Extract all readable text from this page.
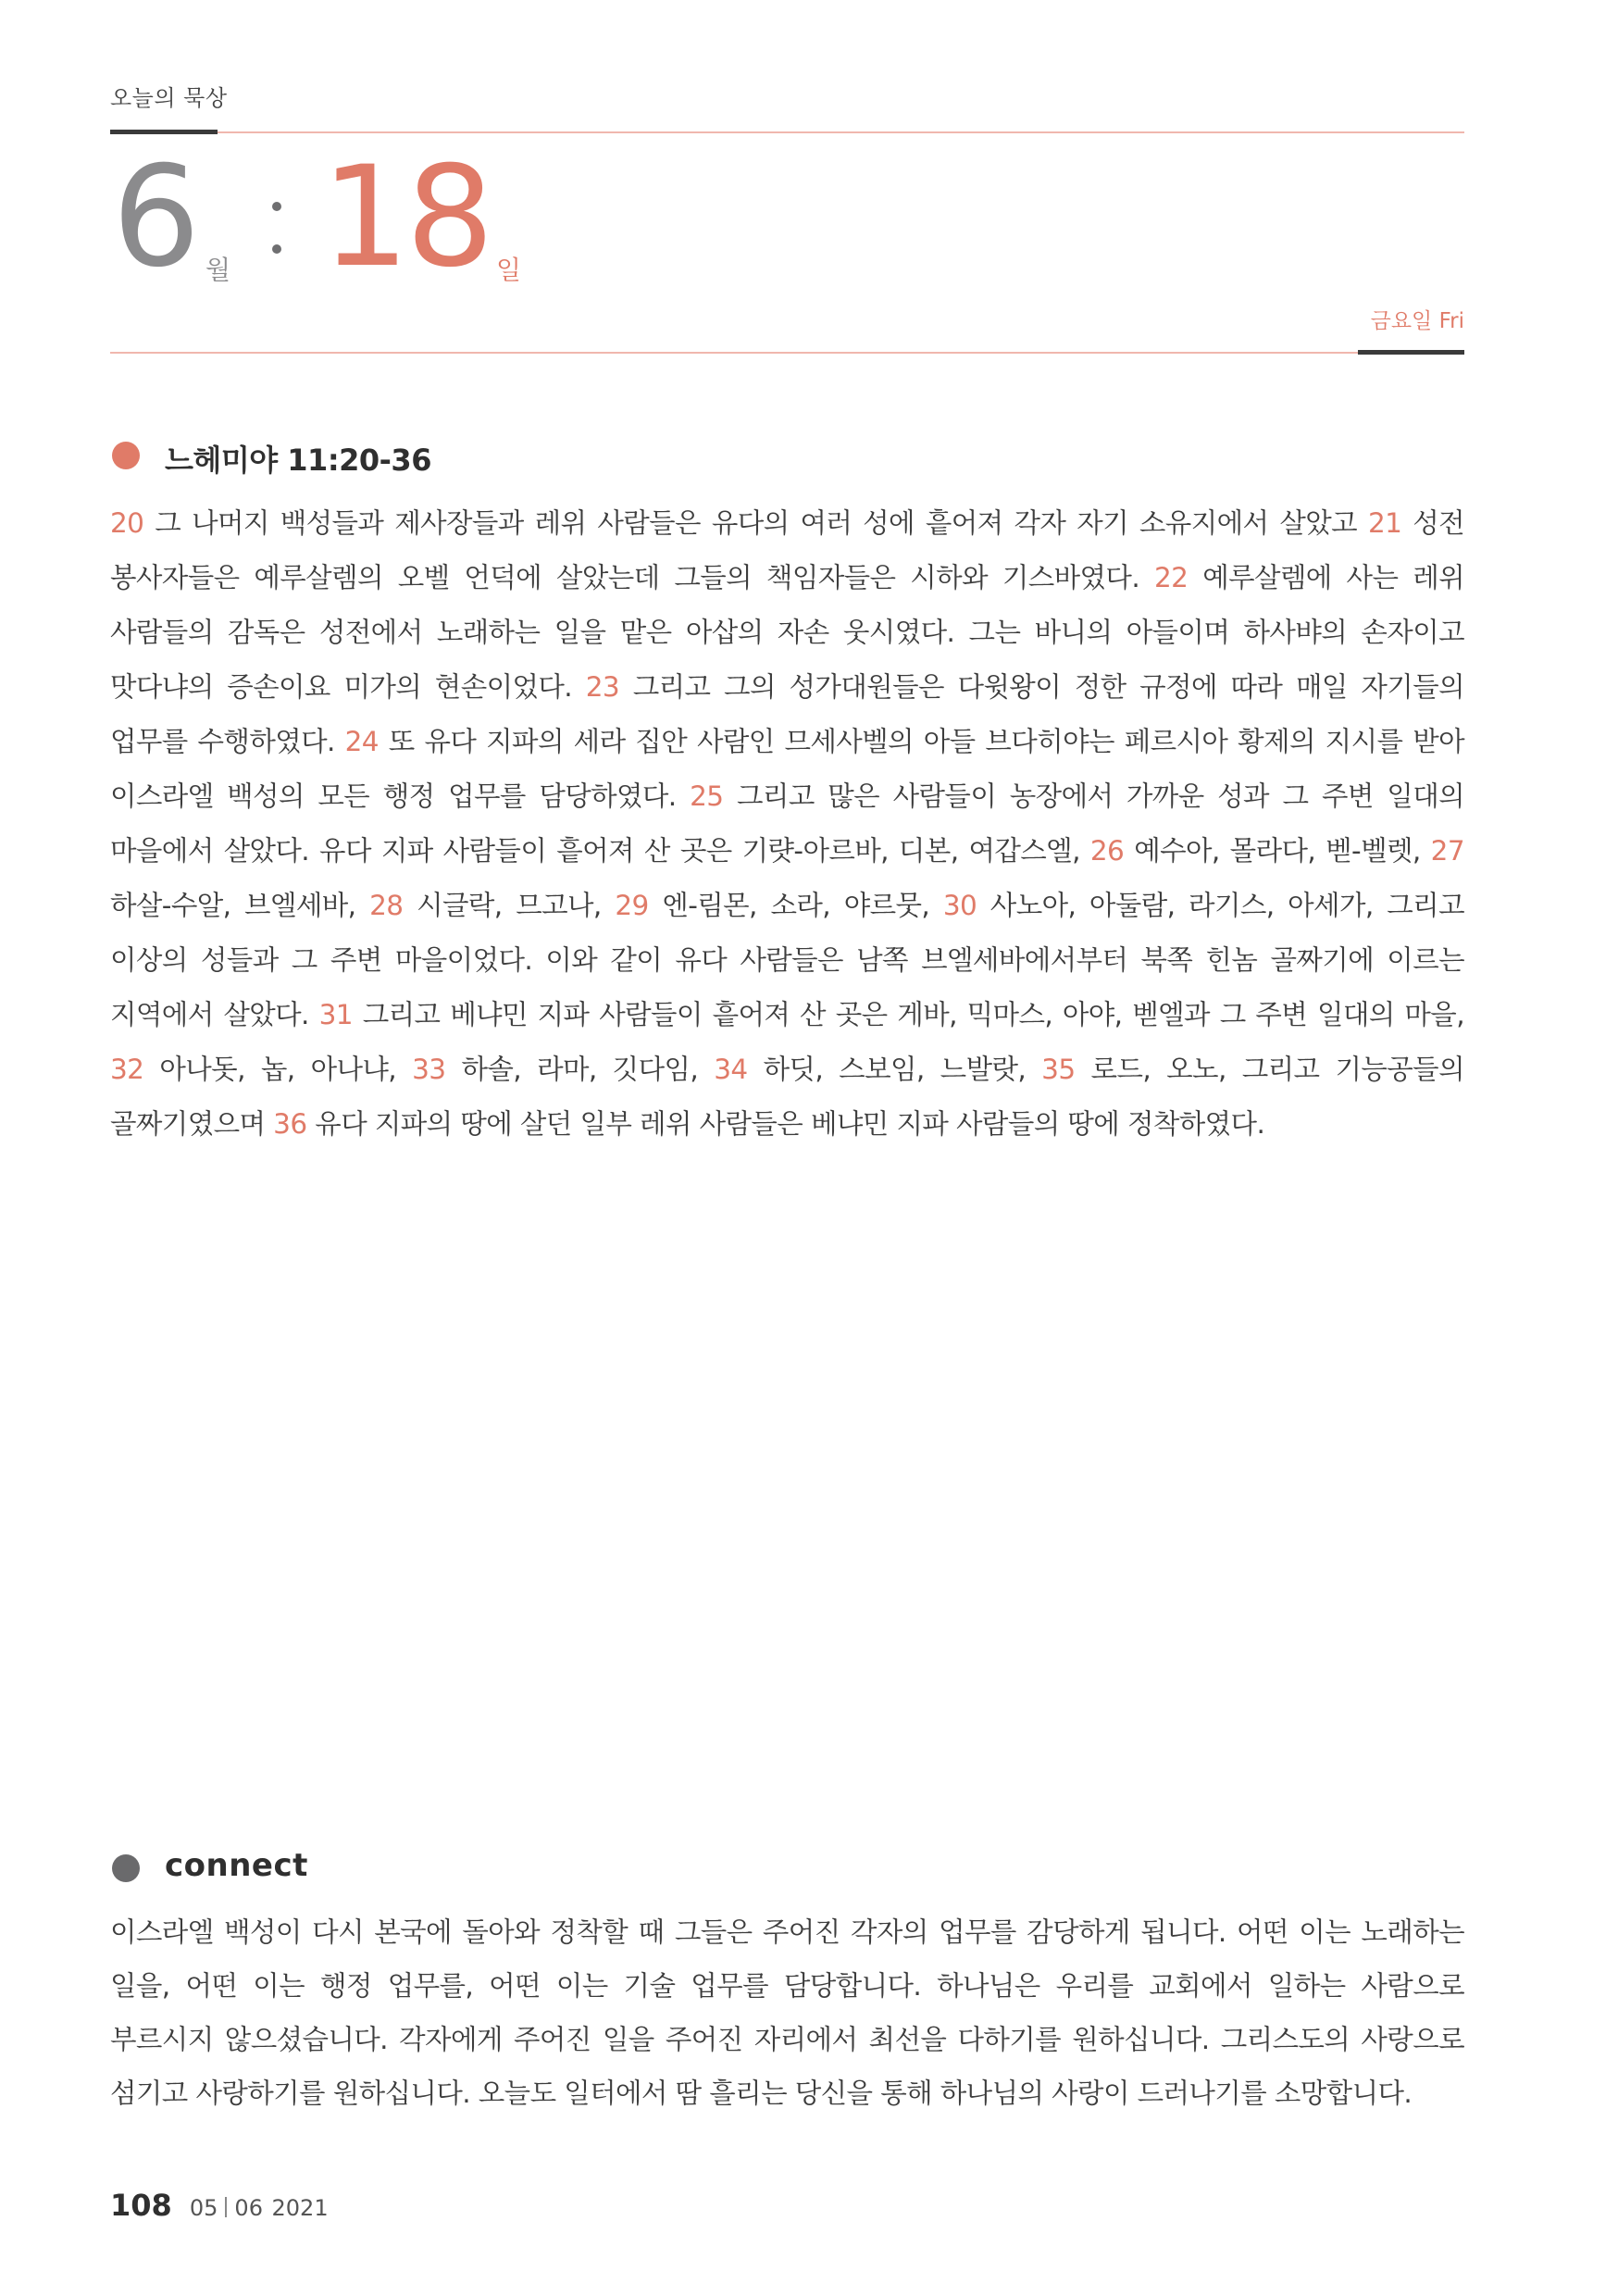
오늘의 묵상
6 월 18 일
금요일 Fri
느헤미야 11:20-36
20 그 나머지 백성들과 제사장들과 레위 사람들은 유다의 여러 성에 흩어져 각자 자기 소유지에서 살았고 21 성전 봉사자들은 예루살렘의 오벨 언덕에 살았는데 그들의 책임자들은 시하와 기스바였다. 22 예루살렘에 사는 레위 사람들의 감독은 성전에서 노래하는 일을 맡은 아삽의 자손 웃시였다. 그는 바니의 아들이며 하사뱌의 손자이고 맛다냐의 증손이요 미가의 현손이었다. 23 그리고 그의 성가대원들은 다윗왕이 정한 규정에 따라 매일 자기들의 업무를 수행하였다. 24 또 유다 지파의 세라 집안 사람인 므세사벨의 아들 브다히야는 페르시아 황제의 지시를 받아 이스라엘 백성의 모든 행정 업무를 담당하였다. 25 그리고 많은 사람들이 농장에서 가까운 성과 그 주변 일대의 마을에서 살았다. 유다 지파 사람들이 흩어져 산 곳은 기럇-아르바, 디본, 여갑스엘, 26 예수아, 몰라다, 벧-벨렛, 27 하살-수알, 브엘세바, 28 시글락, 므고나, 29 엔-림몬, 소라, 야르뭇, 30 사노아, 아둘람, 라기스, 아세가, 그리고 이상의 성들과 그 주변 마을이었다. 이와 같이 유다 사람들은 남쪽 브엘세바에서부터 북쪽 힌놈 골짜기에 이르는 지역에서 살았다. 31 그리고 베냐민 지파 사람들이 흩어져 산 곳은 게바, 믹마스, 아야, 벧엘과 그 주변 일대의 마을, 32 아나돗, 놉, 아나냐, 33 하솔, 라마, 깃다임, 34 하딧, 스보임, 느발랏, 35 로드, 오노, 그리고 기능공들의 골짜기였으며 36 유다 지파의 땅에 살던 일부 레위 사람들은 베냐민 지파 사람들의 땅에 정착하였다.
connect
이스라엘 백성이 다시 본국에 돌아와 정착할 때 그들은 주어진 각자의 업무를 감당하게 됩니다. 어떤 이는 노래하는 일을, 어떤 이는 행정 업무를, 어떤 이는 기술 업무를 담당합니다. 하나님은 우리를 교회에서 일하는 사람으로 부르시지 않으셨습니다. 각자에게 주어진 일을 주어진 자리에서 최선을 다하기를 원하십니다. 그리스도의 사랑으로 섬기고 사랑하기를 원하십니다. 오늘도 일터에서 땀 흘리는 당신을 통해 하나님의 사랑이 드러나기를 소망합니다.
108 05 06 2021
